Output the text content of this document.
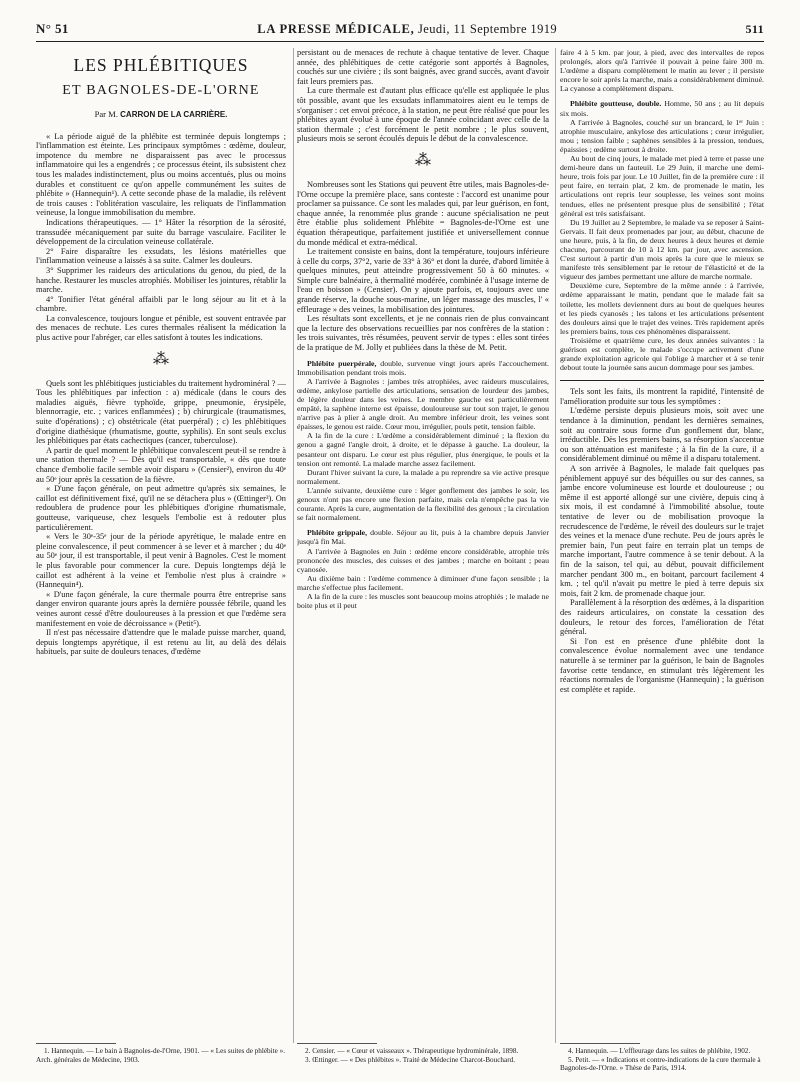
N° 51	LA PRESSE MÉDICALE, Jeudi, 11 Septembre 1919	511
LES PHLÉBITIQUES
ET BAGNOLES-DE-L'ORNE
Par M. CARRON DE LA CARRIÈRE.

« La période aiguë de la phlébite est terminée depuis longtemps ; l'inflammation est éteinte. Les principaux symptômes : œdème, douleur, impotence du membre ne disparaissent pas avec le processus inflammatoire qui les a engendrés ; ce processus éteint, ils subsistent chez tous les malades indistinctement, plus ou moins accentués, plus ou moins durables et constituent ce qu'on appelle communément les suites de phlébite » (Hannequin¹). A cette seconde phase de la maladie, ils relèvent de trois causes : l'oblitération vasculaire, les reliquats de l'inflammation veineuse, la longue immobilisation du membre.

Indications thérapeutiques. — 1° Hâter la résorption de la sérosité, transsudée mécaniquement par suite du barrage vasculaire. Faciliter le développement de la circulation veineuse collatérale.

2° Faire disparaître les exsudats, les lésions matérielles que l'inflammation veineuse a laissés à sa suite. Calmer les douleurs.

3° Supprimer les raideurs des articulations du genou, du pied, de la hanche. Restaurer les muscles atrophiés. Mobiliser les jointures, rétablir la marche.

4° Tonifier l'état général affaibli par le long séjour au lit et à la chambre.

La convalescence, toujours longue et pénible, est souvent entravée par des menaces de rechute. Les cures thermales réalisent la médication la plus active pour l'abréger, car elles satisfont à toutes les indications.

⁂

Quels sont les phlébitiques justiciables du traitement hydrominéral ? — Tous les phlébitiques par infection : a) médicale (dans le cours des maladies aiguës, fièvre typhoïde, grippe, pneumonie, érysipèle, blennorragie, etc. ; varices enflammées) ; b) chirurgicale (traumatismes, suite d'opérations) ; c) obstétricale (état puerpéral) ; c) les phlébitiques d'origine diathésique (rhumatisme, goutte, syphilis). En sont seuls exclus les phlébitiques par états cachectiques (cancer, tuberculose).

A partir de quel moment le phlébitique convalescent peut-il se rendre à une station thermale ? — Dès qu'il est transportable, « dès que toute chance d'embolie facile semble avoir disparu » (Censier²), environ du 40ᵉ au 50ᵉ jour après la cessation de la fièvre.

« D'une façon générale, on peut admettre qu'après six semaines, le caillot est définitivement fixé, qu'il ne se détachera plus » (Œttinger³). On redoublera de prudence pour les phlébitiques d'origine rhumatismale, goutteuse, variqueuse, chez lesquels l'embolie est à redouter plus particulièrement.

« Vers le 30ᵉ-35ᵉ jour de la période apyrétique, le malade entre en pleine convalescence, il peut commencer à se lever et à marcher ; du 40ᵉ au 50ᵉ jour, il est transportable, il peut venir à Bagnoles. C'est le moment le plus favorable pour commencer la cure. Depuis longtemps déjà le caillot est adhérent à la veine et l'embolie n'est plus à craindre » (Hannequin⁴).

« D'une façon générale, la cure thermale pourra être entreprise sans danger environ quarante jours après la dernière poussée fébrile, quand les veines auront cessé d'être douloureuses à la pression et que l'œdème sera manifestement en voie de décroissance » (Petit⁵).

Il n'est pas nécessaire d'attendre que le malade puisse marcher, quand, depuis longtemps apyrétique, il est retenu au lit, au delà des délais habituels, par suite de douleurs tenaces, d'œdème

persistant ou de menaces de rechute à chaque tentative de lever. Chaque année, des phlébitiques de cette catégorie sont apportés à Bagnoles, couchés sur une civière ; ils sont baignés, avec grand succès, avant d'avoir fait leurs premiers pas.

La cure thermale est d'autant plus efficace qu'elle est appliquée le plus tôt possible, avant que les exsudats inflammatoires aient eu le temps de s'organiser : cet envoi précoce, à la station, ne peut être réalisé que pour les phlébites ayant évolué à une époque de l'année coïncidant avec celle de la station thermale ; c'est forcément le petit nombre ; le plus souvent, plusieurs mois se seront écoulés depuis le début de la convalescence.

⁂

Nombreuses sont les Stations qui peuvent être utiles, mais Bagnoles-de-l'Orne occupe la première place, sans conteste : l'accord est unanime pour proclamer sa puissance. Ce sont les malades qui, par leur guérison, en font, chaque année, la renommée plus grande : aucune spécialisation ne peut être établie plus solidement Phlébite = Bagnoles-de-l'Orne est une équation thérapeutique, parfaitement justifiée et universellement connue du monde médical et extra-médical.

Le traitement consiste en bains, dont la température, toujours inférieure à celle du corps, 37°2, varie de 33° à 36° et dont la durée, d'abord limitée à quelques minutes, peut atteindre progressivement 50 à 60 minutes. « Simple cure balnéaire, à thermalité modérée, combinée à l'usage interne de l'eau en boisson » (Censier). On y ajoute parfois, et, toujours avec une grande réserve, la douche sous-marine, un léger massage des muscles, l' « effleurage » des veines, la mobilisation des jointures.

Les résultats sont excellents, et je ne connais rien de plus convaincant que la lecture des observations recueillies par nos confrères de la station : les trois suivantes, très résumées, peuvent servir de types : elles sont tirées de la pratique de M. Jolly et publiées dans la thèse de M. Petit.

Phlébite puerpérale, double, survenue vingt jours après l'accouchement. Immobilisation pendant trois mois.

A l'arrivée à Bagnoles : jambes très atrophiées, avec raideurs musculaires, œdème, ankylose partielle des articulations, sensation de lourdeur des jambes, de légère douleur dans les veines. Le membre gauche est particulièrement empâté, la saphène interne est épaisse, douloureuse sur tout son trajet, le genou n'arrive pas à plier à angle droit. Au membre inférieur droit, les veines sont épaisses, le genou est raide. Cœur mou, irrégulier, pouls petit, tension faible.

A la fin de la cure : L'œdème a considérablement diminué ; la flexion du genou a gagné l'angle droit, à droite, et le dépasse à gauche. La douleur, la pesanteur ont disparu. Le cœur est plus régulier, plus énergique, le pouls et la tension ont remonté. La malade marche assez facilement.

Durant l'hiver suivant la cure, la malade a pu reprendre sa vie active presque normalement.

L'année suivante, deuxième cure : léger gonflement des jambes le soir, les genoux n'ont pas encore une flexion parfaite, mais cela n'empêche pas la vie courante. Après la cure, augmentation de la flexibilité des genoux ; la circulation se fait normalement.

Phlébite grippale, double. Séjour au lit, puis à la chambre depuis Janvier jusqu'à fin Mai.

A l'arrivée à Bagnoles en Juin : œdème encore considérable, atrophie très prononcée des muscles, des cuisses et des jambes ; marche en boitant ; peau cyanosée.

Au dixième bain : l'œdème commence à diminuer d'une façon sensible ; la marche s'effectue plus facilement.

A la fin de la cure : les muscles sont beaucoup moins atrophiés ; le malade ne boite plus et il peut

faire 4 à 5 km. par jour, à pied, avec des intervalles de repos prolongés, alors qu'à l'arrivée il pouvait à peine faire 300 m. L'œdème a disparu complètement le matin au lever ; il persiste encore le soir après la marche, mais a considérablement diminué. La cyanose a complètement disparu.

Phlébite goutteuse, double. Homme, 50 ans ; au lit depuis six mois.

A l'arrivée à Bagnoles, couché sur un brancard, le 1ᵉʳ Juin : atrophie musculaire, ankylose des articulations ; cœur irrégulier, mou ; tension faible ; saphènes sensibles à la pression, tendues, épaissies ; œdème surtout à droite.

Au bout de cinq jours, le malade met pied à terre et passe une demi-heure dans un fauteuil. Le 29 Juin, il marche une demi-heure, trois fois par jour. Le 10 Juillet, fin de la première cure : il peut faire, en terrain plat, 2 km. de promenade le matin, les articulations ont repris leur souplesse, les veines sont moins tendues, elles ne présentent presque plus de sensibilité ; l'état général est très satisfaisant.

Du 19 Juillet au 2 Septembre, le malade va se reposer à Saint-Gervais. Il fait deux promenades par jour, au début, chacune de une heure, puis, à la fin, de deux heures à deux heures et demie chacune, parcourant de 10 à 12 km. par jour, avec ascension. C'est surtout à partir d'un mois après la cure que le mieux se manifeste très sensiblement par le retour de l'élasticité et de la vigueur des jambes permettant une allure de marche normale.

Deuxième cure, Septembre de la même année : à l'arrivée, œdème apparaissant le matin, pendant que le malade fait sa toilette, les mollets deviennent durs au bout de quelques heures et les pieds cyanosés ; les talons et les articulations présentent des douleurs ainsi que le trajet des veines. Très rapidement après les premiers bains, tous ces phénomènes disparaissent.

Troisième et quatrième cure, les deux années suivantes : la guérison est complète, le malade s'occupe activement d'une grande exploitation agricole qui l'oblige à marcher et à se tenir debout toute la journée sans aucun dommage pour ses jambes.

Tels sont les faits, ils montrent la rapidité, l'intensité de l'amélioration produite sur tous les symptômes :

L'œdème persiste depuis plusieurs mois, soit avec une tendance à la diminution, pendant les dernières semaines, soit au contraire sous forme d'un gonflement dur, blanc, irréductible. Dès les premiers bains, sa résorption s'accentue ou son atténuation est manifeste ; à la fin de la cure, il a considérablement diminué ou même il a disparu totalement.

A son arrivée à Bagnoles, le malade fait quelques pas péniblement appuyé sur des béquilles ou sur des cannes, sa jambe encore volumineuse est lourde et douloureuse ; ou même il est apporté allongé sur une civière, depuis cinq à six mois, il est condamné à l'immobilité absolue, toute tentative de lever ou de mobilisation provoque la recrudescence de l'œdème, le réveil des douleurs sur le trajet des veines et la menace d'une rechute. Peu de jours après le premier bain, l'un peut faire en terrain plat un temps de marche important, l'autre commence à se tenir debout. A la fin de la saison, tel qui, au début, pouvait difficilement marcher pendant 300 m., en boitant, parcourt facilement 4 km. ; tel qu'il n'avait pu mettre le pied à terre depuis six mois, fait 2 km. de promenade chaque jour.

Parallèlement à la résorption des œdèmes, à la disparition des raideurs articulaires, on constate la cessation des douleurs, le retour des forces, l'amélioration de l'état général.

Si l'on est en présence d'une phlébite dont la convalescence évolue normalement avec une tendance naturelle à se terminer par la guérison, le bain de Bagnoles favorise cette tendance, en stimulant très légèrement les réactions normales de l'organisme (Hannequin) ; la guérison est complète et rapide.

1. Hannequin. — Le bain à Bagnoles-de-l'Orne, 1901. — « Les suites de phlébite ». Arch. générales de Médecine, 1903.

2. Censier. — « Cœur et vaisseaux ». Thérapeutique hydrominérale, 1898.

3. Œttinger. — « Des phlébites ». Traité de Médecine Charcot-Bouchard.

4. Hannequin. — L'effleurage dans les suites de phlébite, 1902.

5. Petit. — « Indications et contre-indications de la cure thermale à Bagnoles-de-l'Orne. » Thèse de Paris, 1914.
